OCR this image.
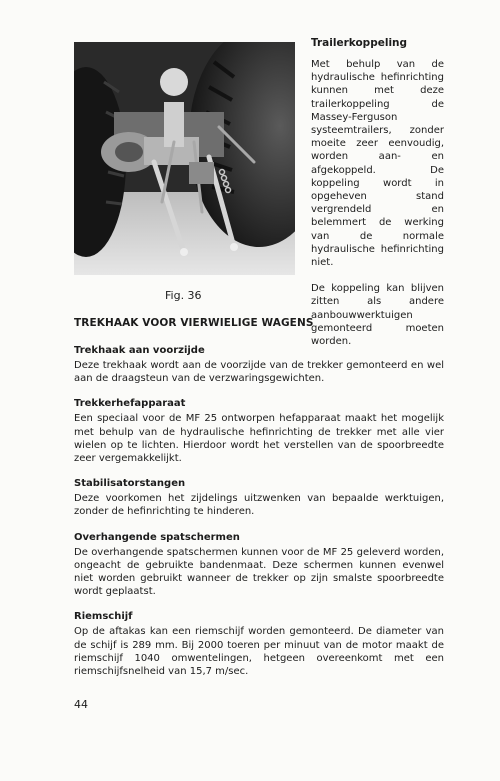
Fig. 36
Trailerkoppeling

Met behulp van de hydraulische hefinrichting kunnen met deze trailerkoppeling de Massey-Ferguson systeemtrailers, zonder moeite zeer eenvoudig, worden aan- en afgekoppeld. De koppeling wordt in opgeheven stand vergrendeld en belemmert de werking van de normale hydraulische hefinrichting niet.

De koppeling kan blijven zitten als andere aanbouwwerktuigen gemonteerd moeten worden.

TREKHAAK VOOR VIERWIELIGE WAGENS
Trekhaak aan voorzijde

Deze trekhaak wordt aan de voorzijde van de trekker gemonteerd en wel aan de draagsteun van de verzwaringsgewichten.

Trekkerhefapparaat

Een speciaal voor de MF 25 ontworpen hefapparaat maakt het mogelijk met behulp van de hydraulische hefinrichting de trekker met alle vier wielen op te lichten. Hierdoor wordt het verstellen van de spoorbreedte zeer vergemakkelijkt.

Stabilisatorstangen

Deze voorkomen het zijdelings uitzwenken van bepaalde werktuigen, zonder de hefinrichting te hinderen.

Overhangende spatschermen

De overhangende spatschermen kunnen voor de MF 25 geleverd worden, ongeacht de gebruikte bandenmaat. Deze schermen kunnen evenwel niet worden gebruikt wanneer de trekker op zijn smalste spoorbreedte wordt geplaatst.

Riemschijf

Op de aftakas kan een riemschijf worden gemonteerd. De diameter van de schijf is 289 mm. Bij 2000 toeren per minuut van de motor maakt de riemschijf 1040 omwentelingen, hetgeen overeenkomt met een riemschijfsnelheid van 15,7 m/sec.

44
